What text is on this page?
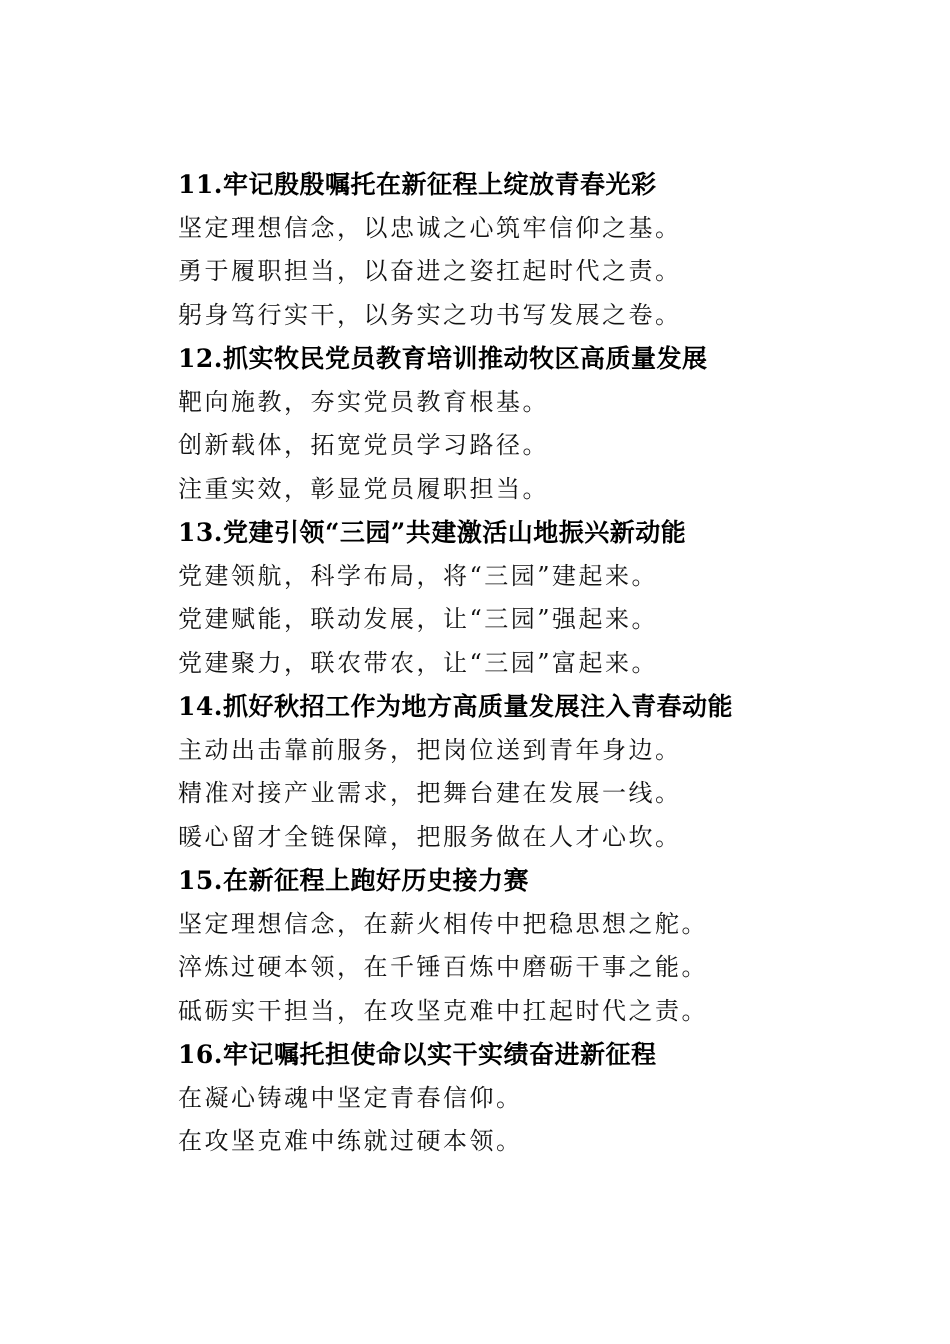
11.牢记殷殷嘱托在新征程上绽放青春光彩
坚定理想信念，以忠诚之心筑牢信仰之基。
勇于履职担当，以奋进之姿扛起时代之责。
躬身笃行实干，以务实之功书写发展之卷。
12.抓实牧民党员教育培训推动牧区高质量发展
靶向施教，夯实党员教育根基。
创新载体，拓宽党员学习路径。
注重实效，彰显党员履职担当。
13.党建引领“三园”共建激活山地振兴新动能
党建领航，科学布局，将“三园”建起来。
党建赋能，联动发展，让“三园”强起来。
党建聚力，联农带农，让“三园”富起来。
14.抓好秋招工作为地方高质量发展注入青春动能
主动出击靠前服务，把岗位送到青年身边。
精准对接产业需求，把舞台建在发展一线。
暖心留才全链保障，把服务做在人才心坎。
15.在新征程上跑好历史接力赛
坚定理想信念，在薪火相传中把稳思想之舵。
淬炼过硬本领，在千锤百炼中磨砺干事之能。
砥砺实干担当，在攻坚克难中扛起时代之责。
16.牢记嘱托担使命以实干实绩奋进新征程
在凝心铸魂中坚定青春信仰。
在攻坚克难中练就过硬本领。
